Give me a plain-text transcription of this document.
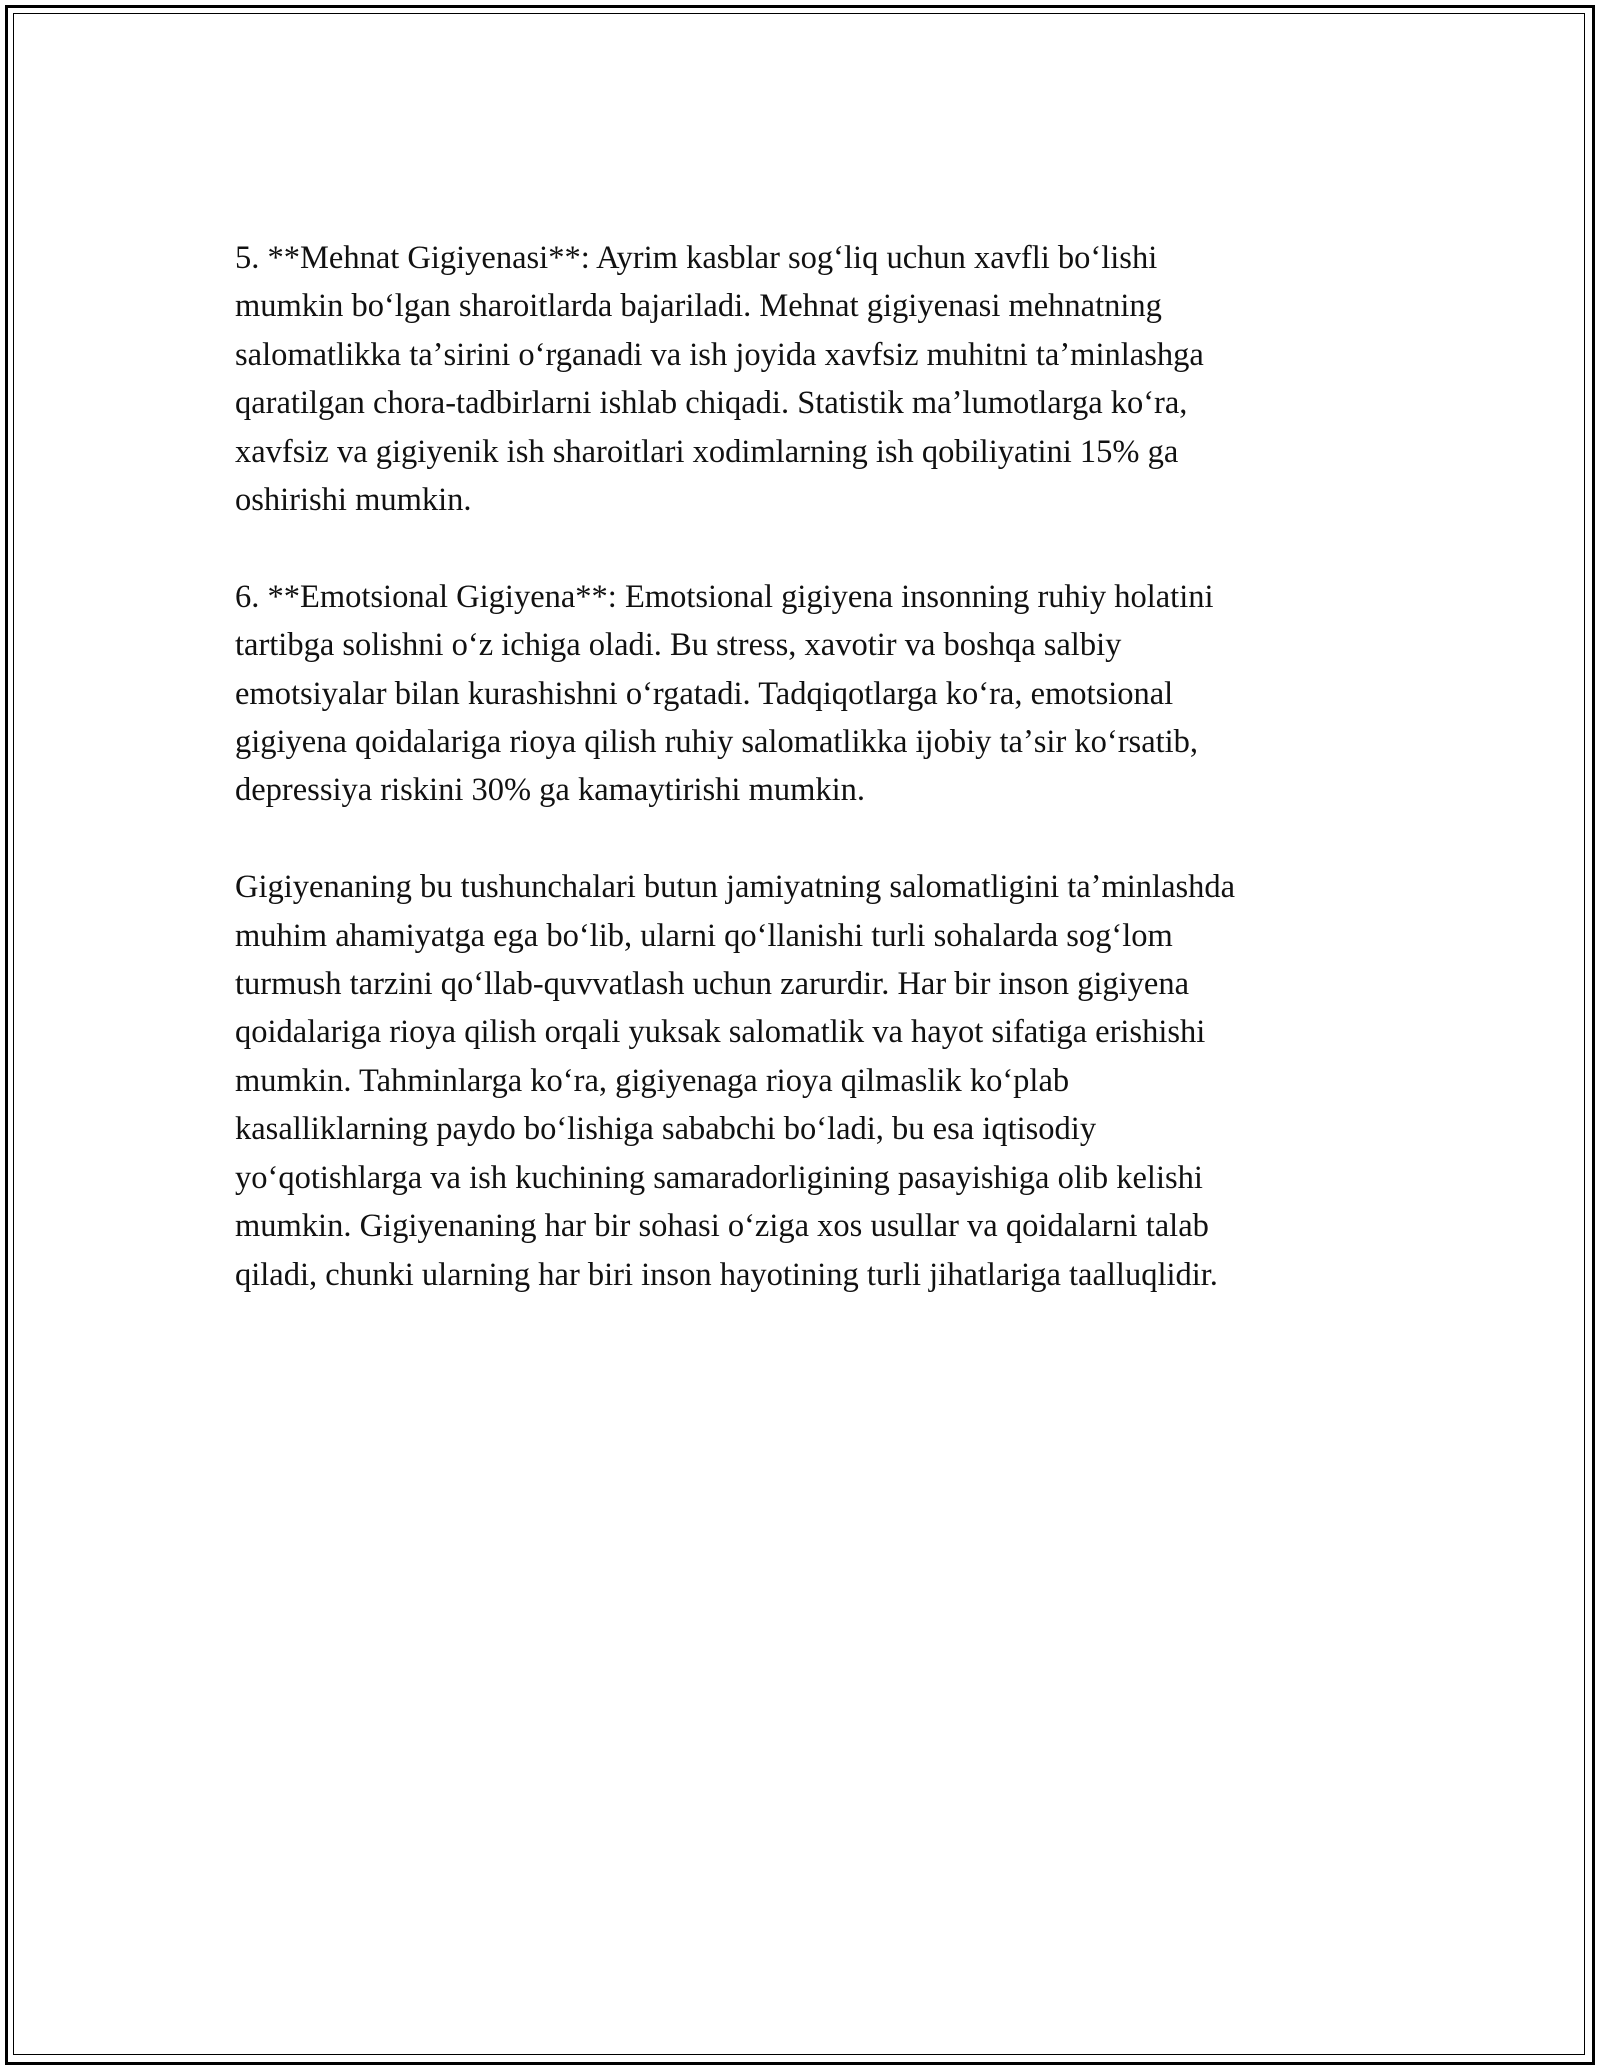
5. **Mehnat Gigiyenasi**: Ayrim kasblar sogʻliq uchun xavfli boʻlishi
mumkin boʻlgan sharoitlarda bajariladi. Mehnat gigiyenasi mehnatning
salomatlikka taʼsirini oʻrganadi va ish joyida xavfsiz muhitni taʼminlashga
qaratilgan chora-tadbirlarni ishlab chiqadi. Statistik maʼlumotlarga koʻra,
xavfsiz va gigiyenik ish sharoitlari xodimlarning ish qobiliyatini 15% ga
oshirishi mumkin.

6. **Emotsional Gigiyena**: Emotsional gigiyena insonning ruhiy holatini
tartibga solishni oʻz ichiga oladi. Bu stress, xavotir va boshqa salbiy
emotsiyalar bilan kurashishni oʻrgatadi. Tadqiqotlarga koʻra, emotsional
gigiyena qoidalariga rioya qilish ruhiy salomatlikka ijobiy taʼsir koʻrsatib,
depressiya riskini 30% ga kamaytirishi mumkin.

Gigiyenaning bu tushunchalari butun jamiyatning salomatligini taʼminlashda
muhim ahamiyatga ega boʻlib, ularni qoʻllanishi turli sohalarda sogʻlom
turmush tarzini qoʻllab-quvvatlash uchun zarurdir. Har bir inson gigiyena
qoidalariga rioya qilish orqali yuksak salomatlik va hayot sifatiga erishishi
mumkin. Tahminlarga koʻra, gigiyenaga rioya qilmaslik koʻplab
kasalliklarning paydo boʻlishiga sababchi boʻladi, bu esa iqtisodiy
yoʻqotishlarga va ish kuchining samaradorligining pasayishiga olib kelishi
mumkin. Gigiyenaning har bir sohasi oʻziga xos usullar va qoidalarni talab
qiladi, chunki ularning har biri inson hayotining turli jihatlariga taalluqlidir.
